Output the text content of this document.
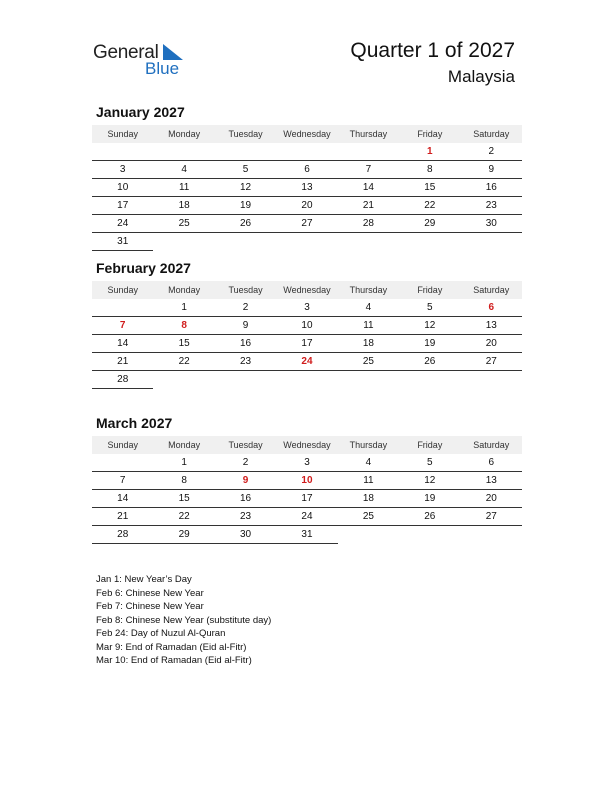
General
Blue
Quarter 1 of 2027
Malaysia
January 2027
Sunday	Monday	Tuesday	Wednesday	Thursday	Friday	Saturday
					1	2
3	4	5	6	7	8	9
10	11	12	13	14	15	16
17	18	19	20	21	22	23
24	25	26	27	28	29	30
31						
February 2027
Sunday	Monday	Tuesday	Wednesday	Thursday	Friday	Saturday
	1	2	3	4	5	6
7	8	9	10	11	12	13
14	15	16	17	18	19	20
21	22	23	24	25	26	27
28						
March 2027
Sunday	Monday	Tuesday	Wednesday	Thursday	Friday	Saturday
	1	2	3	4	5	6
7	8	9	10	11	12	13
14	15	16	17	18	19	20
21	22	23	24	25	26	27
28	29	30	31			
Jan 1: New Year’s Day
Feb 6: Chinese New Year
Feb 7: Chinese New Year
Feb 8: Chinese New Year (substitute day)
Feb 24: Day of Nuzul Al-Quran
Mar 9: End of Ramadan (Eid al-Fitr)
Mar 10: End of Ramadan (Eid al-Fitr)
